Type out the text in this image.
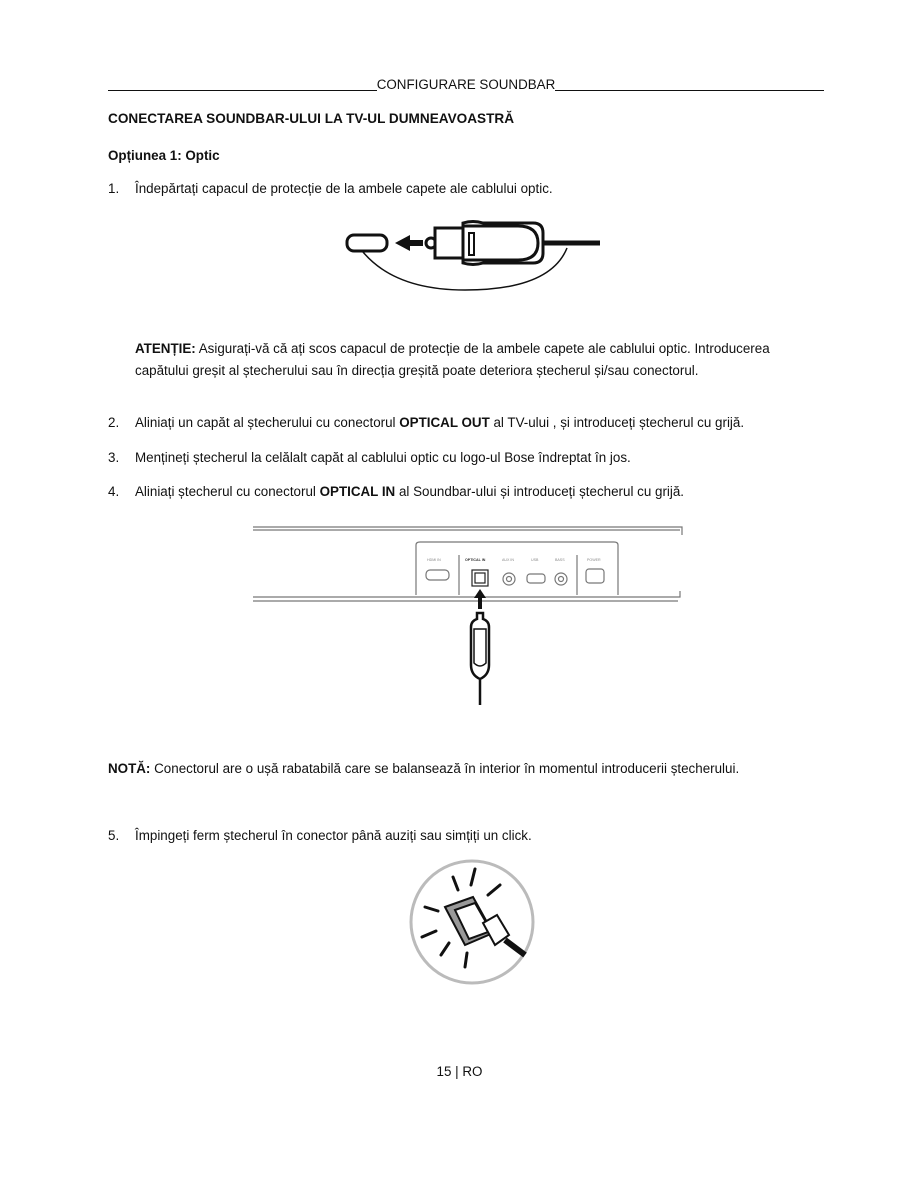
CONFIGURARE SOUNDBAR
CONECTAREA SOUNDBAR-ULUI LA TV-UL DUMNEAVOASTRĂ
Opțiunea 1: Optic
1.	Îndepărtați capacul de protecție de la ambele capete ale cablului optic.
ATENȚIE: Asigurați-vă că ați scos capacul de protecție de la ambele capete ale cablului optic. Introducerea capătului greșit al ștecherului sau în direcția greșită poate deteriora ștecherul și/sau conectorul.
2.	Aliniați un capăt al ștecherului cu conectorul OPTICAL OUT al TV-ului , și introduceți ștecherul cu grijă.
3.	Mențineți ștecherul la celălalt capăt al cablului optic cu logo-ul Bose îndreptat în jos.
4.	Aliniați ștecherul cu conectorul OPTICAL IN al Soundbar-ului și introduceți ștecherul cu grijă.
HDMI IN	OPTICAL IN	AUX IN	USB	BASS	POWER
NOTĂ: Conectorul are o ușă rabatabilă care se balansează în interior în momentul introducerii ștecherului.
5.	Împingeți ferm ștecherul în conector până auziți sau simțiți un click.
15 | RO
